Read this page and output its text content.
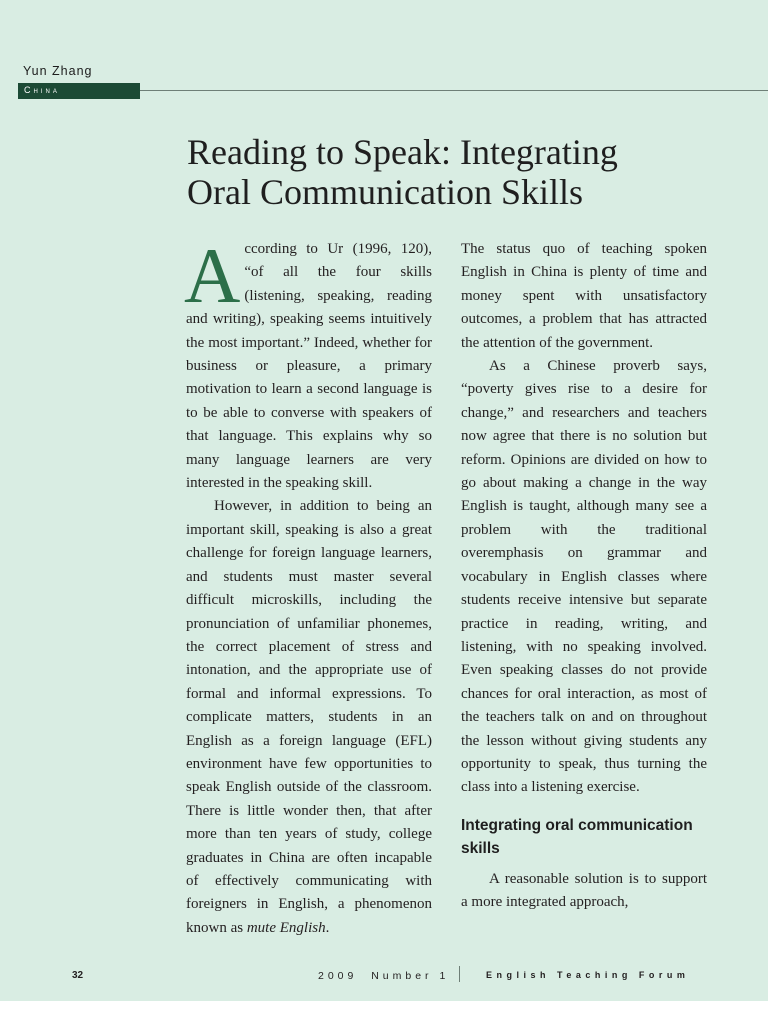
Yun Zhang
China
Reading to Speak: Integrating
Oral Communication Skills

According to Ur (1996, 120), “of all the four skills (listening, speaking, reading and writing), speaking seems intuitively the most important.” Indeed, whether for business or pleasure, a primary motivation to learn a second language is to be able to converse with speakers of that language. This explains why so many language learners are very interested in the speaking skill.

However, in addition to being an important skill, speaking is also a great challenge for foreign language learners, and students must master several difficult microskills, including the pronunciation of unfamiliar phonemes, the correct placement of stress and intonation, and the appropriate use of formal and informal expressions. To complicate matters, students in an English as a foreign language (EFL) environment have few opportunities to speak English outside of the classroom. There is little wonder then, that after more than ten years of study, college graduates in China are often incapable of effectively communicating with foreigners in English, a phenomenon known as mute English.

The status quo of teaching spoken English in China is plenty of time and money spent with unsatisfactory outcomes, a problem that has attracted the attention of the government.

As a Chinese proverb says, “poverty gives rise to a desire for change,” and researchers and teachers now agree that there is no solution but reform. Opinions are divided on how to go about making a change in the way English is taught, although many see a problem with the traditional overemphasis on grammar and vocabulary in English classes where students receive intensive but separate practice in reading, writing, and listening, with no speaking involved. Even speaking classes do not provide chances for oral interaction, as most of the teachers talk on and on throughout the lesson without giving students any opportunity to speak, thus turning the class into a listening exercise.

Integrating oral communication skills

A reasonable solution is to support a more integrated approach,

32	2009  Number 1	English Teaching Forum
